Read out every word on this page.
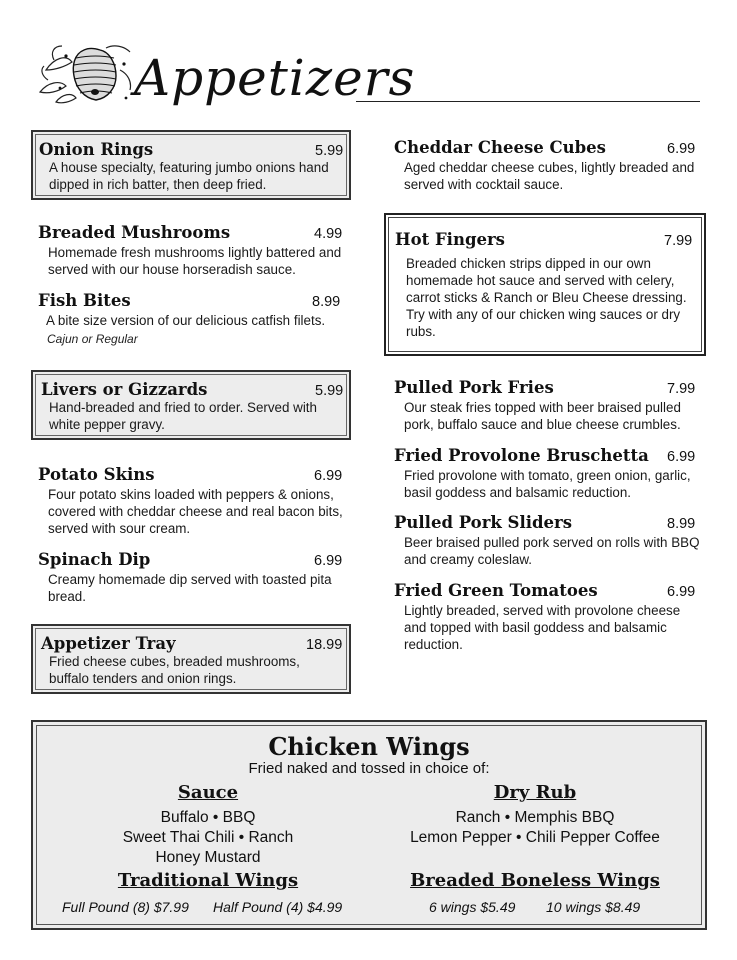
Appetizers
Onion Rings	5.99
A house specialty, featuring jumbo onions hand dipped in rich batter, then deep fried.
Breaded Mushrooms	4.99
Homemade fresh mushrooms lightly battered and served with our house horseradish sauce.
Fish Bites	8.99
A bite size version of our delicious catfish filets.
Cajun or Regular
Livers or Gizzards	5.99
Hand-breaded and fried to order. Served with white pepper gravy.
Potato Skins	6.99
Four potato skins loaded with peppers & onions, covered with cheddar cheese and real bacon bits, served with sour cream.
Spinach Dip	6.99
Creamy homemade dip served with toasted pita bread.
Appetizer Tray	18.99
Fried cheese cubes, breaded mushrooms, buffalo tenders and onion rings.
Cheddar Cheese Cubes	6.99
Aged cheddar cheese cubes, lightly breaded and served with cocktail sauce.
Hot Fingers	7.99
Breaded chicken strips dipped in our own homemade hot sauce and served with celery, carrot sticks & Ranch or Bleu Cheese dressing. Try with any of our chicken wing sauces or dry rubs.
Pulled Pork Fries	7.99
Our steak fries topped with beer braised pulled pork, buffalo sauce and blue cheese crumbles.
Fried Provolone Bruschetta 6.99
Fried provolone with tomato, green onion, garlic, basil goddess and balsamic reduction.
Pulled Pork Sliders	8.99
Beer braised pulled pork served on rolls with BBQ and creamy coleslaw.
Fried Green Tomatoes	6.99
Lightly breaded, served with provolone cheese and topped with basil goddess and balsamic reduction.
Chicken Wings
Fried naked and tossed in choice of:
Sauce
Buffalo • BBQ
Sweet Thai Chili • Ranch
Honey Mustard
Dry Rub
Ranch • Memphis BBQ
Lemon Pepper • Chili Pepper Coffee
Traditional Wings
Full Pound (8) $7.99 Half Pound (4) $4.99
Breaded Boneless Wings
6 wings $5.49 10 wings $8.49
